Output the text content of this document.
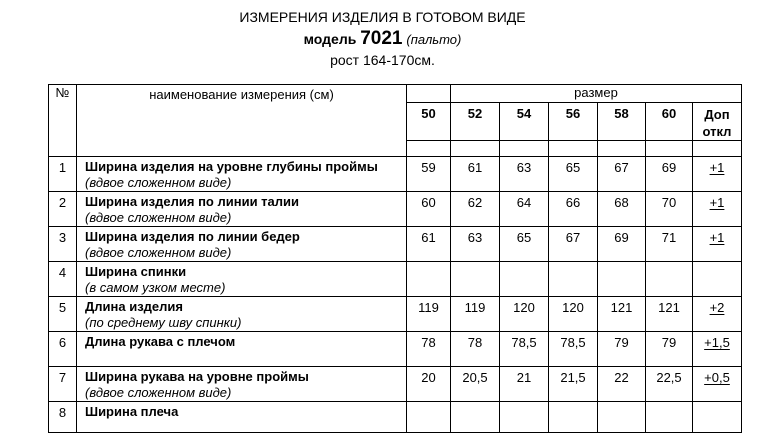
ИЗМЕРЕНИЯ ИЗДЕЛИЯ В ГОТОВОМ ВИДЕ
модель 7021 (пальто)
рост 164-170см.
№	наименование измерения (см)		размер					
		50	52	54	56	58	60	Доп
откл

1	Ширина изделия на уровне глубины проймы
(вдвое сложенном виде)	59	61	63	65	67	69	+1
2	Ширина изделия по линии талии
(вдвое сложенном виде)	60	62	64	66	68	70	+1
3	Ширина изделия по линии бедер
(вдвое сложенном виде)	61	63	65	67	69	71	+1
4	Ширина спинки
(в самом узком месте)							

5	Длина изделия
(по среднему шву спинки)	119	119	120	120	121	121	+2
6	Длина рукава с плечом	78	78	78,5	78,5	79	79	+1,5
7	Ширина рукава на уровне проймы
(вдвое сложенном виде)	20	20,5	21	21,5	22	22,5	+0,5
8	Ширина плеча							
